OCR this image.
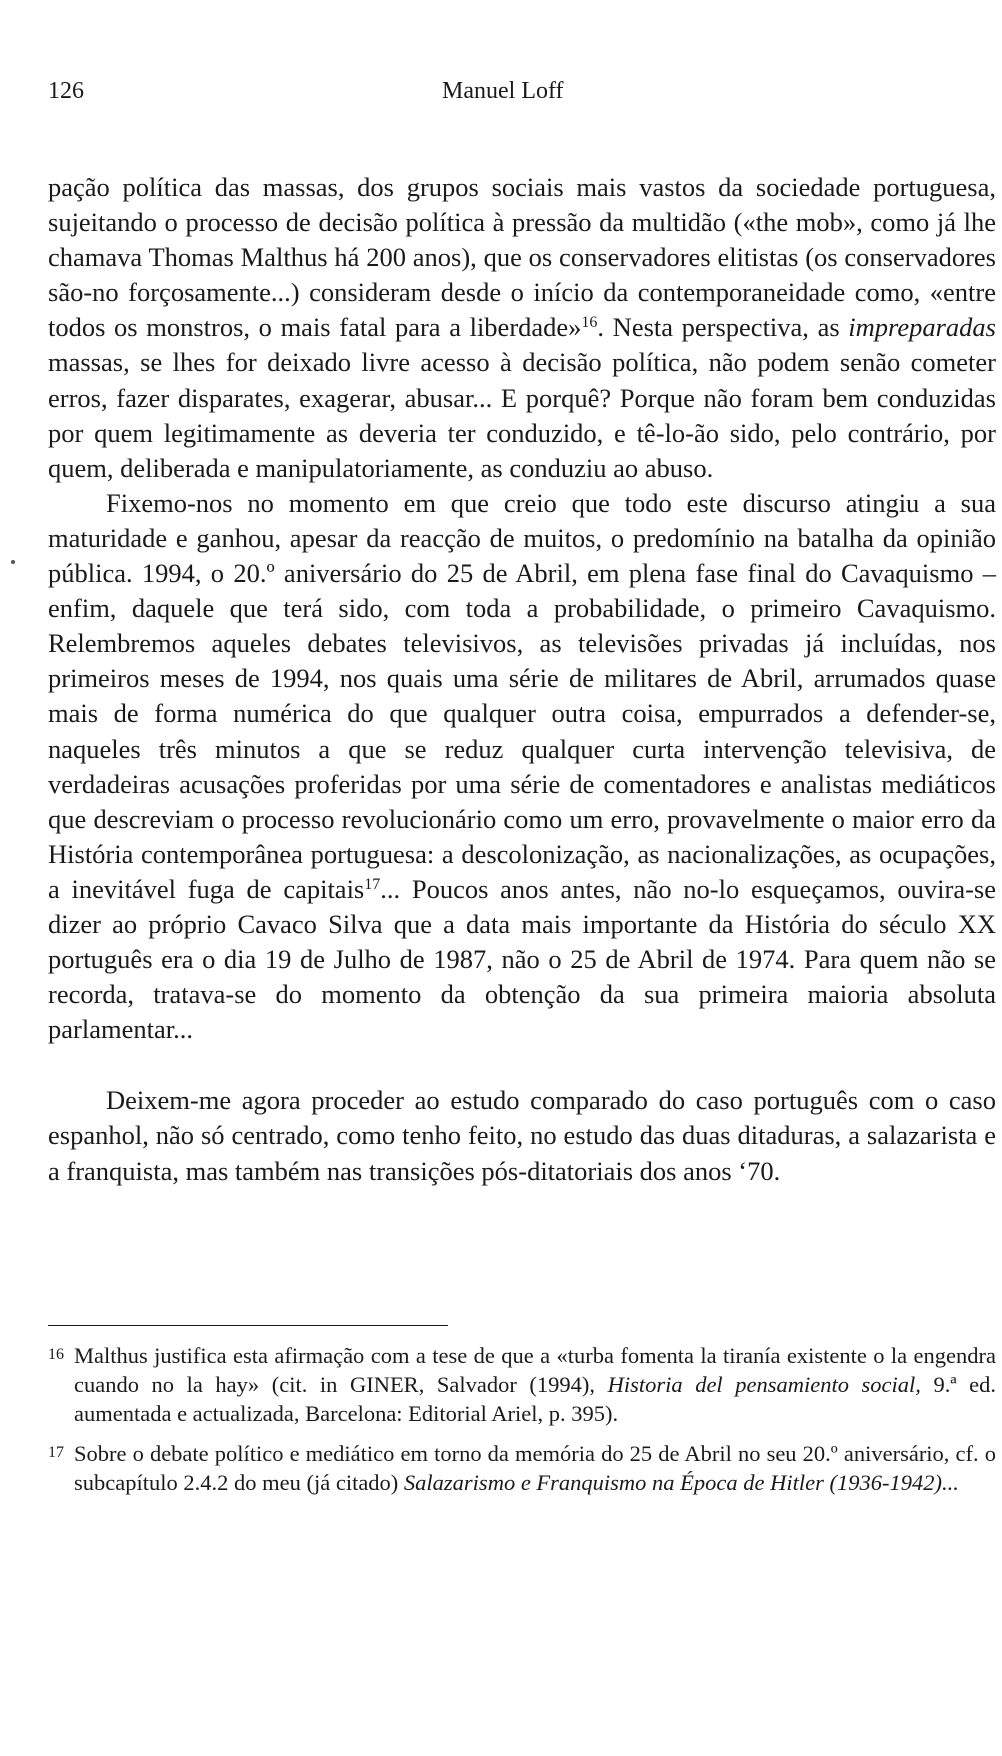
126	Manuel Loff

pação política das massas, dos grupos sociais mais vastos da sociedade portuguesa, sujeitando o processo de decisão política à pressão da multidão («the mob», como já lhe chamava Thomas Malthus há 200 anos), que os conservadores elitistas (os conservadores são-no forçosamente...) consideram desde o início da contemporaneidade como, «entre todos os monstros, o mais fatal para a liberdade»$^{16}$. Nesta perspectiva, as impreparadas massas, se lhes for deixado livre acesso à decisão política, não podem senão cometer erros, fazer disparates, exagerar, abusar... E porquê? Porque não foram bem conduzidas por quem legitimamente as deveria ter conduzido, e tê-lo-ão sido, pelo contrário, por quem, deliberada e manipulatoriamente, as conduziu ao abuso.

Fixemo-nos no momento em que creio que todo este discurso atingiu a sua maturidade e ganhou, apesar da reacção de muitos, o predomínio na batalha da opinião pública. 1994, o 20.º aniversário do 25 de Abril, em plena fase final do Cavaquismo – enfim, daquele que terá sido, com toda a probabilidade, o primeiro Cavaquismo. Relembremos aqueles debates televisivos, as televisões privadas já incluídas, nos primeiros meses de 1994, nos quais uma série de militares de Abril, arrumados quase mais de forma numérica do que qualquer outra coisa, empurrados a defender-se, naqueles três minutos a que se reduz qualquer curta intervenção televisiva, de verdadeiras acusações proferidas por uma série de comentadores e analistas mediáticos que descreviam o processo revolucionário como um erro, provavelmente o maior erro da História contemporânea portuguesa: a descolonização, as nacionalizações, as ocupações, a inevitável fuga de capitais$^{17}$... Poucos anos antes, não no-lo esqueçamos, ouvira-se dizer ao próprio Cavaco Silva que a data mais importante da História do século XX português era o dia 19 de Julho de 1987, não o 25 de Abril de 1974. Para quem não se recorda, tratava-se do momento da obtenção da sua primeira maioria absoluta parlamentar...

Deixem-me agora proceder ao estudo comparado do caso português com o caso espanhol, não só centrado, como tenho feito, no estudo das duas ditaduras, a salazarista e a franquista, mas também nas transições pós-ditatoriais dos anos ‘70.

16 Malthus justifica esta afirmação com a tese de que a «turba fomenta la tiranía existente o la engendra cuando no la hay» (cit. in GINER, Salvador (1994), Historia del pensamiento social, 9.ª ed. aumentada e actualizada, Barcelona: Editorial Ariel, p. 395).

17 Sobre o debate político e mediático em torno da memória do 25 de Abril no seu 20.º aniversário, cf. o subcapítulo 2.4.2 do meu (já citado) Salazarismo e Franquismo na Época de Hitler (1936-1942)...
